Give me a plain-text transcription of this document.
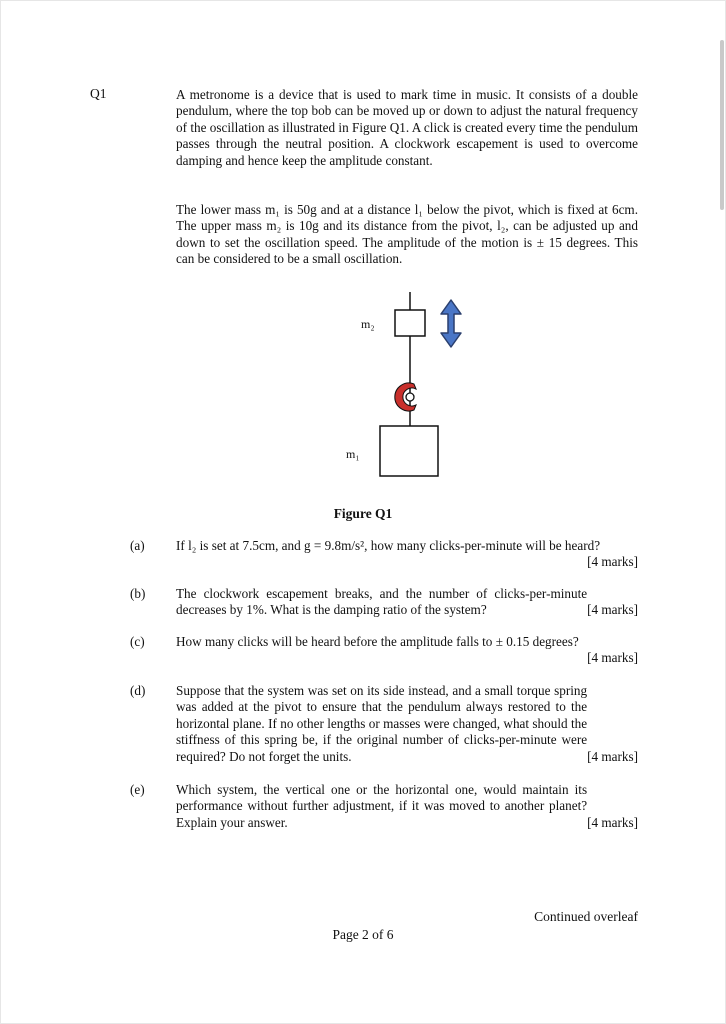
Q1	A metronome is a device that is used to mark time in music. It consists of a double pendulum, where the top bob can be moved up or down to adjust the natural frequency of the oscillation as illustrated in Figure Q1. A click is created every time the pendulum passes through the neutral position. A clockwork escapement is used to overcome damping and hence keep the amplitude constant.

The lower mass m₁ is 50g and at a distance l₁ below the pivot, which is fixed at 6cm. The upper mass m₂ is 10g and its distance from the pivot, l₂, can be adjusted up and down to set the oscillation speed. The amplitude of the motion is ± 15 degrees. This can be considered to be a small oscillation.

m₂
m₁
Figure Q1
(a) If l₂ is set at 7.5cm, and g = 9.8m/s², how many clicks-per-minute will be heard?
[4 marks]
(b)
[4 marks]
The clockwork escapement breaks, and the number of clicks-per-minute decreases by 1%. What is the damping ratio of the system?
(c) How many clicks will be heard before the amplitude falls to ± 0.15 degrees?
[4 marks]
(d)
[4 marks]
Suppose that the system was set on its side instead, and a small torque spring was added at the pivot to ensure that the pendulum always restored to the horizontal plane. If no other lengths or masses were changed, what should the stiffness of this spring be, if the original number of clicks-per-minute were required? Do not forget the units.
(e)
[4 marks]
Which system, the vertical one or the horizontal one, would maintain its performance without further adjustment, if it was moved to another planet? Explain your answer.
Continued overleaf
Page 2 of 6
